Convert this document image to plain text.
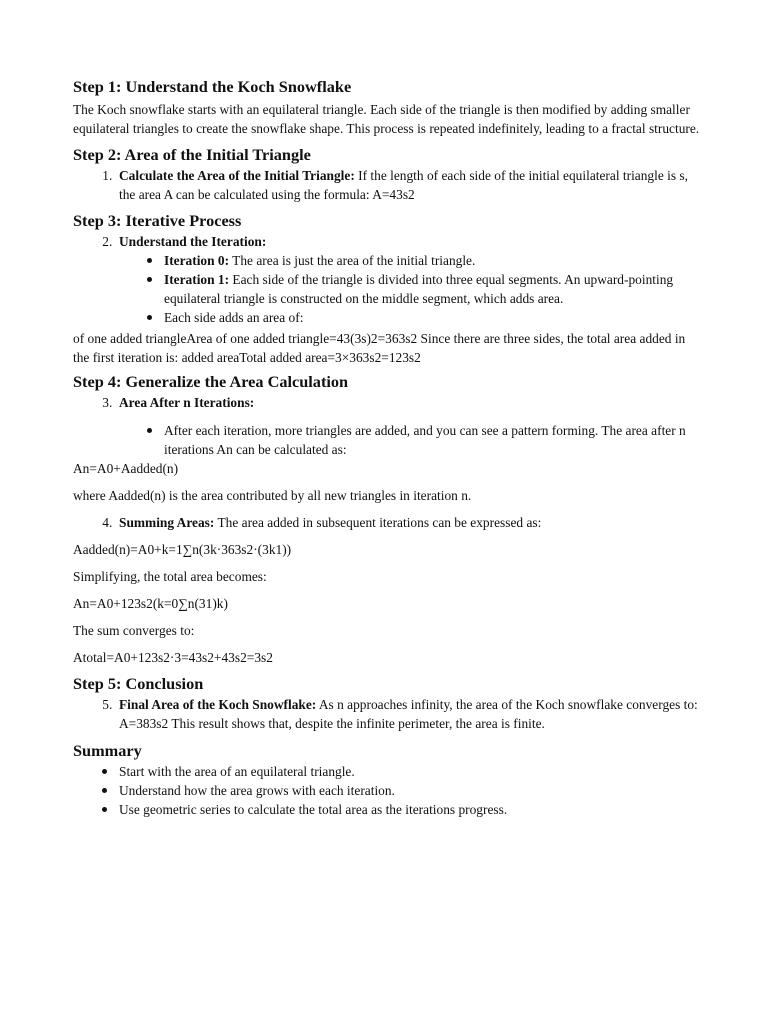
Step 1: Understand the Koch Snowflake

The Koch snowflake starts with an equilateral triangle. Each side of the triangle is then modified by adding smaller equilateral triangles to create the snowflake shape. This process is repeated indefinitely, leading to a fractal structure.

Step 2: Area of the Initial Triangle
1. Calculate the Area of the Initial Triangle: If the length of each side of the initial equilateral triangle is s, the area A can be calculated using the formula: A=43s2
Step 3: Iterative Process
2. Understand the Iteration:
Iteration 0: The area is just the area of the initial triangle.
Iteration 1: Each side of the triangle is divided into three equal segments. An upward-pointing equilateral triangle is constructed on the middle segment, which adds area.
Each side adds an area of:

of one added triangleArea of one added triangle=43(3s)2=363s2 Since there are three sides, the total area added in the first iteration is: added areaTotal added area=3×363s2=123s2

Step 4: Generalize the Area Calculation
3. Area After n Iterations:
After each iteration, more triangles are added, and you can see a pattern forming. The area after n iterations An can be calculated as:

An=A0+Aadded(n)

where Aadded(n) is the area contributed by all new triangles in iteration n.

4. Summing Areas: The area added in subsequent iterations can be expressed as:

Aadded(n)=A0+k=1∑n(3k·363s2·(3k1))

Simplifying, the total area becomes:

An=A0+123s2(k=0∑n(31)k)

The sum converges to:

Atotal=A0+123s2·3=43s2+43s2=3s2

Step 5: Conclusion
5. Final Area of the Koch Snowflake: As n approaches infinity, the area of the Koch snowflake converges to: A=383s2 This result shows that, despite the infinite perimeter, the area is finite.
Summary
Start with the area of an equilateral triangle.
Understand how the area grows with each iteration.
Use geometric series to calculate the total area as the iterations progress.
